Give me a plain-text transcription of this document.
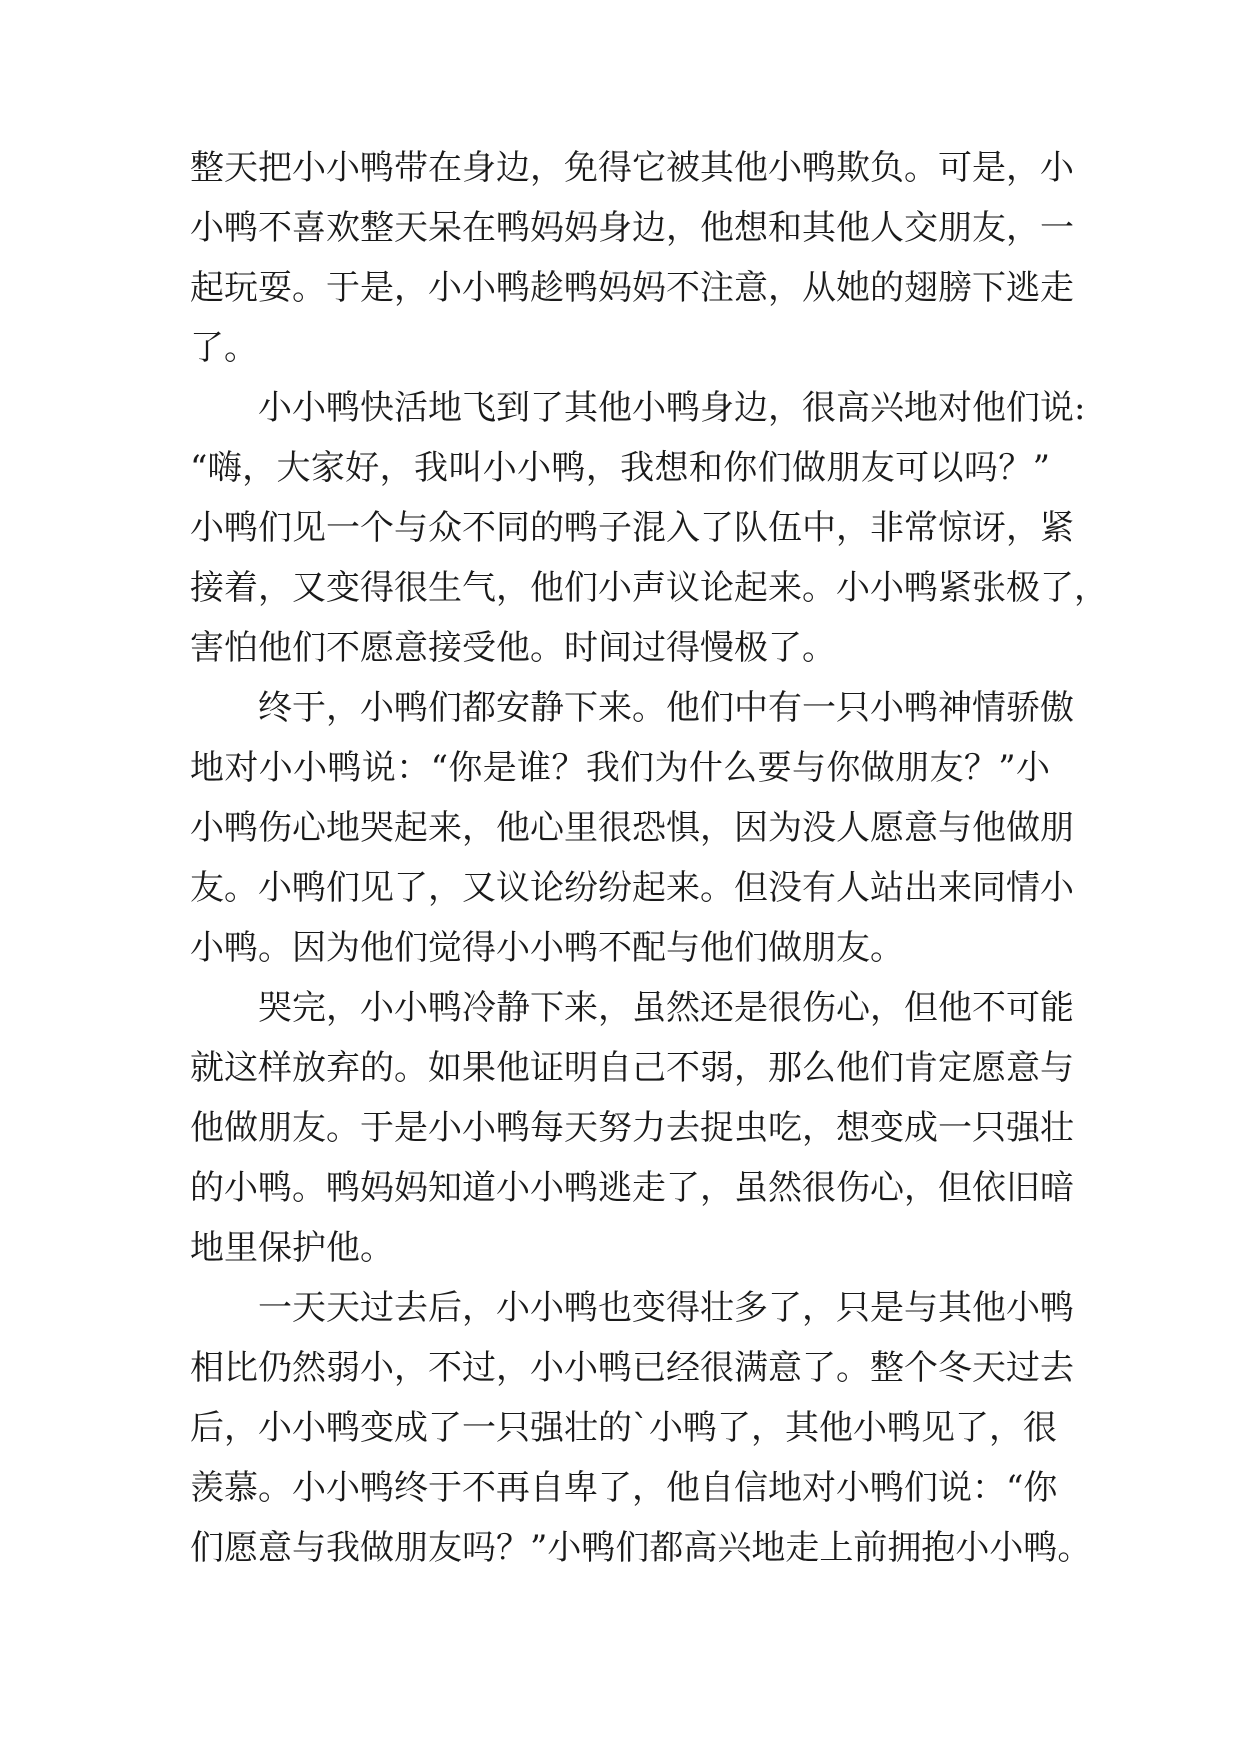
整天把小小鸭带在身边，免得它被其他小鸭欺负。可是，小
小鸭不喜欢整天呆在鸭妈妈身边，他想和其他人交朋友，一
起玩耍。于是，小小鸭趁鸭妈妈不注意，从她的翅膀下逃走
了。
小小鸭快活地飞到了其他小鸭身边，很高兴地对他们说:
“嗨，大家好，我叫小小鸭，我想和你们做朋友可以吗？”
小鸭们见一个与众不同的鸭子混入了队伍中，非常惊讶，紧
接着，又变得很生气，他们小声议论起来。小小鸭紧张极了，
害怕他们不愿意接受他。时间过得慢极了。
终于，小鸭们都安静下来。他们中有一只小鸭神情骄傲
地对小小鸭说：“你是谁？我们为什么要与你做朋友？”小
小鸭伤心地哭起来，他心里很恐惧，因为没人愿意与他做朋
友。小鸭们见了，又议论纷纷起来。但没有人站出来同情小
小鸭。因为他们觉得小小鸭不配与他们做朋友。
哭完，小小鸭冷静下来，虽然还是很伤心，但他不可能
就这样放弃的。如果他证明自己不弱，那么他们肯定愿意与
他做朋友。于是小小鸭每天努力去捉虫吃，想变成一只强壮
的小鸭。鸭妈妈知道小小鸭逃走了，虽然很伤心，但依旧暗
地里保护他。
一天天过去后，小小鸭也变得壮多了，只是与其他小鸭
相比仍然弱小，不过，小小鸭已经很满意了。整个冬天过去
后，小小鸭变成了一只强壮的`小鸭了，其他小鸭见了，很
羡慕。小小鸭终于不再自卑了，他自信地对小鸭们说：“你
们愿意与我做朋友吗？”小鸭们都高兴地走上前拥抱小小鸭。
